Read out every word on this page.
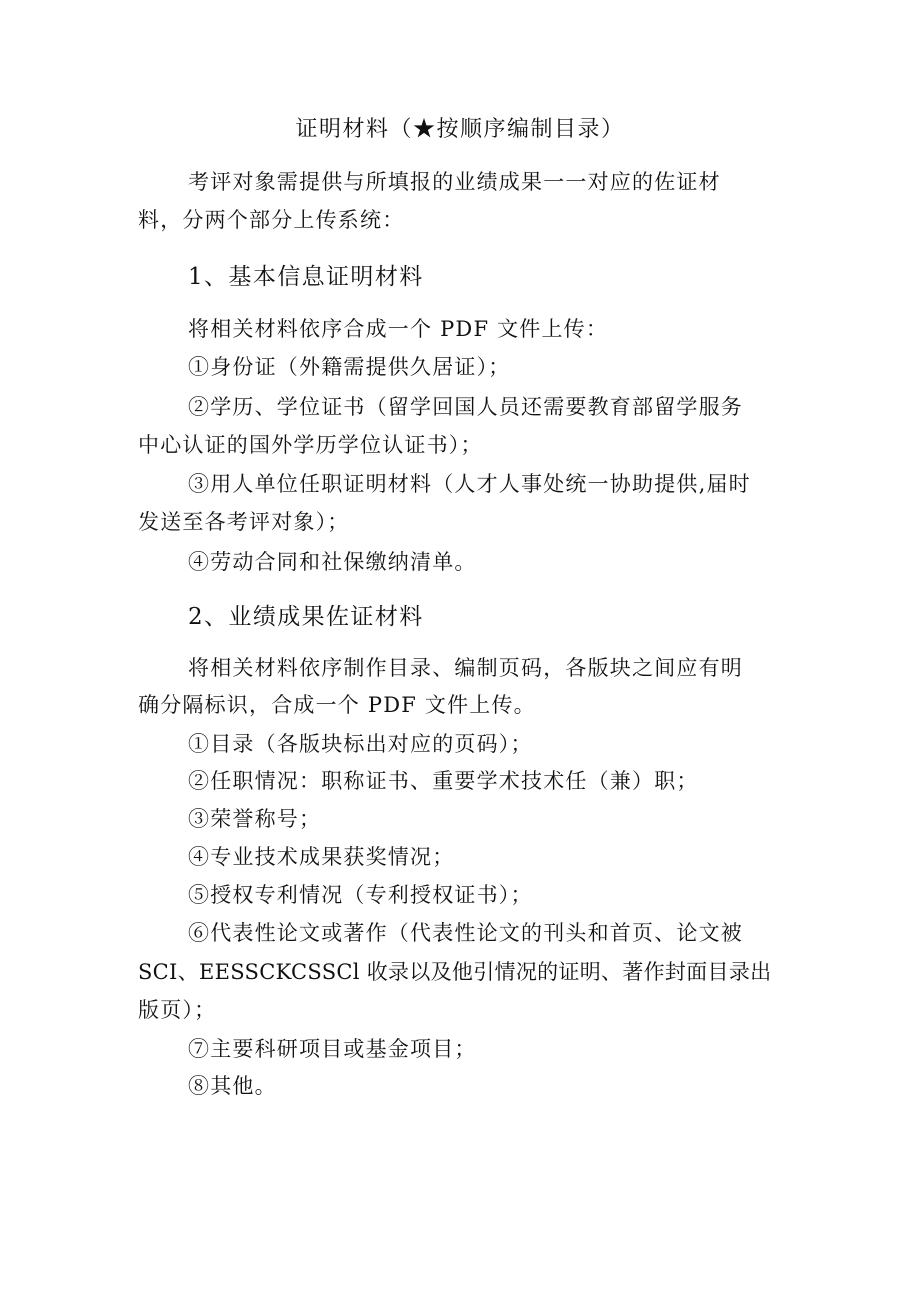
证明材料（★按顺序编制目录）
考评对象需提供与所填报的业绩成果一一对应的佐证材
料，分两个部分上传系统：
1、基本信息证明材料
将相关材料依序合成一个 PDF 文件上传：
①身份证（外籍需提供久居证）；
②学历、学位证书（留学回国人员还需要教育部留学服务
中心认证的国外学历学位认证书）；
③用人单位任职证明材料（人才人事处统一协助提供,届时
发送至各考评对象）；
④劳动合同和社保缴纳清单。
2、业绩成果佐证材料
将相关材料依序制作目录、编制页码，各版块之间应有明
确分隔标识，合成一个 PDF 文件上传。
①目录（各版块标出对应的页码）；
②任职情况：职称证书、重要学术技术任（兼）职；
③荣誉称号；
④专业技术成果获奖情况；
⑤授权专利情况（专利授权证书）；
⑥代表性论文或著作（代表性论文的刊头和首页、论文被
SCI、EESSCKCSSCl 收录以及他引情况的证明、著作封面目录出
版页）；
⑦主要科研项目或基金项目；
⑧其他。
